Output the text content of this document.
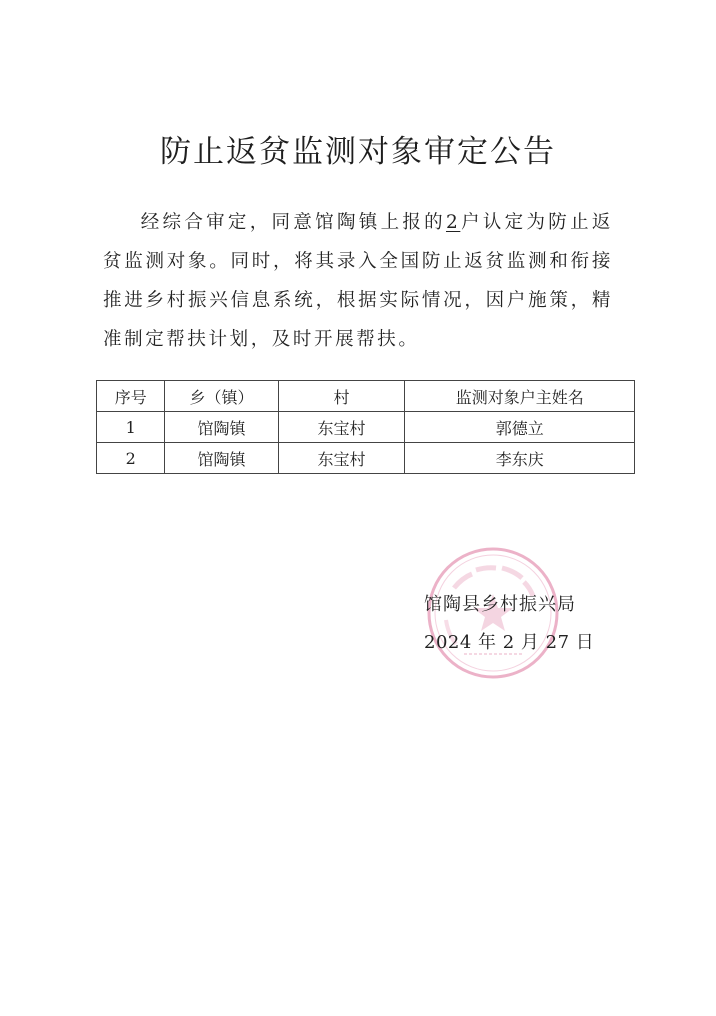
防止返贫监测对象审定公告
经综合审定，同意馆陶镇上报的2户认定为防止返贫监测对象。同时，将其录入全国防止返贫监测和衔接推进乡村振兴信息系统，根据实际情况，因户施策，精准制定帮扶计划，及时开展帮扶。
序号	乡（镇）	村	监测对象户主姓名
1	馆陶镇	东宝村	郭德立
2	馆陶镇	东宝村	李东庆
馆陶县乡村振兴局
2024 年 2 月 27 日
